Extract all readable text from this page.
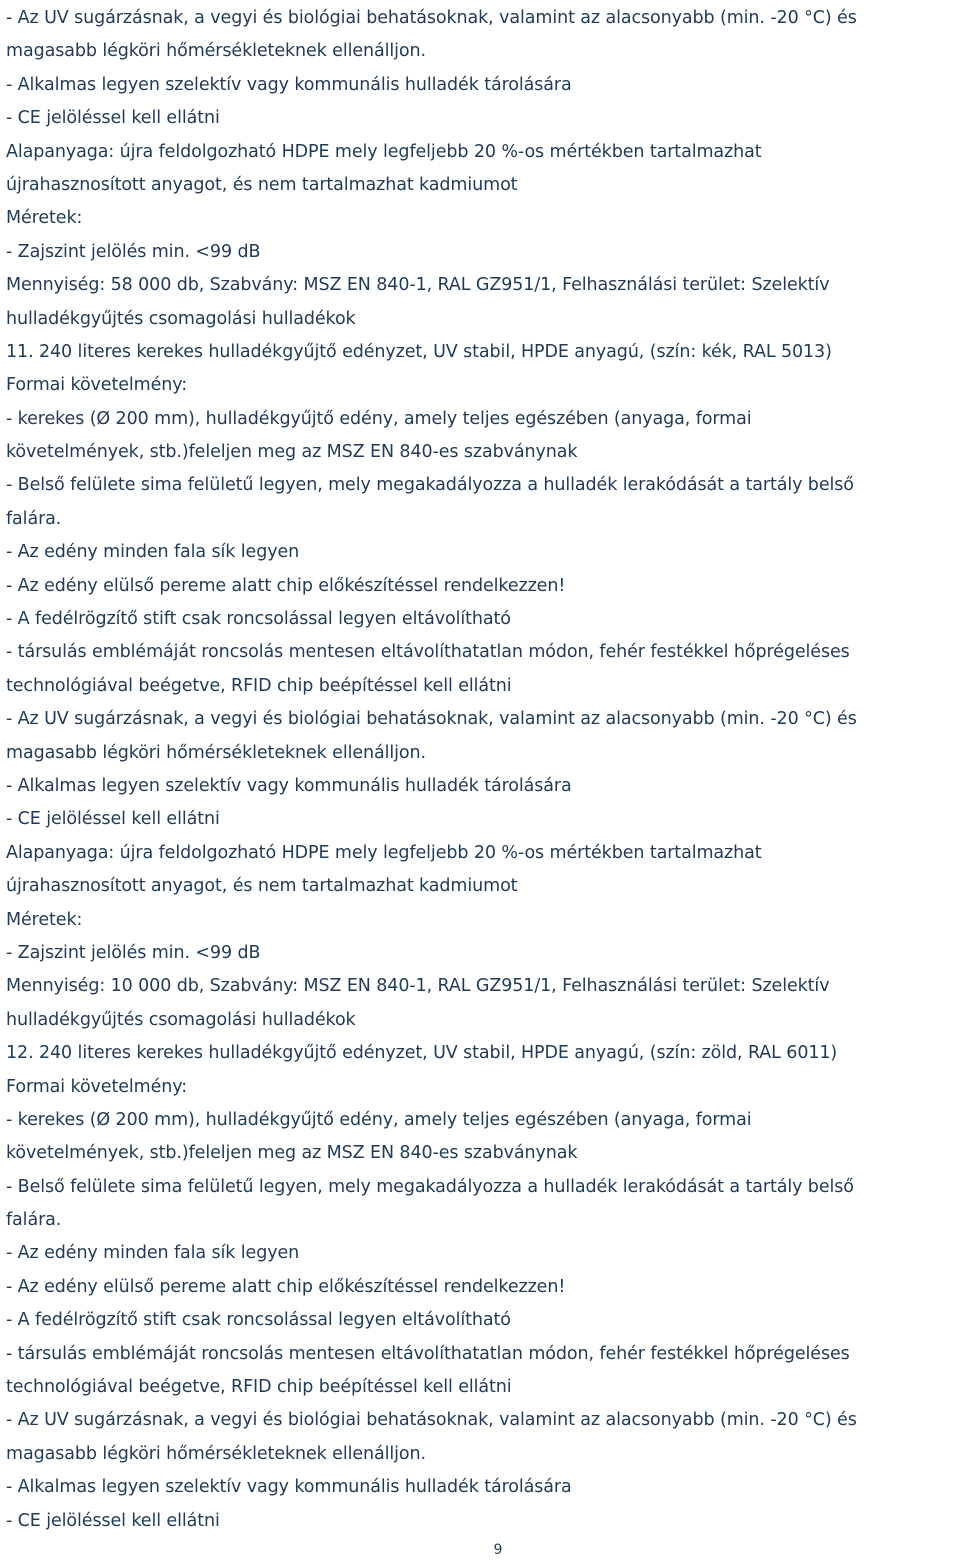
- Az UV sugárzásnak, a vegyi és biológiai behatásoknak, valamint az alacsonyabb (min. -20 °C) és
magasabb légköri hőmérsékleteknek ellenálljon.
- Alkalmas legyen szelektív vagy kommunális hulladék tárolására
- CE jelöléssel kell ellátni
Alapanyaga: újra feldolgozható HDPE mely legfeljebb 20 %-os mértékben tartalmazhat
újrahasznosított anyagot, és nem tartalmazhat kadmiumot
Méretek:
- Zajszint jelölés min. <99 dB
Mennyiség: 58 000 db, Szabvány: MSZ EN 840-1, RAL GZ951/1, Felhasználási terület: Szelektív
hulladékgyűjtés csomagolási hulladékok
11. 240 literes kerekes hulladékgyűjtő edényzet, UV stabil, HPDE anyagú, (szín: kék, RAL 5013)
Formai követelmény:
- kerekes (Ø 200 mm), hulladékgyűjtő edény, amely teljes egészében (anyaga, formai
követelmények, stb.)feleljen meg az MSZ EN 840-es szabványnak
- Belső felülete sima felületű legyen, mely megakadályozza a hulladék lerakódását a tartály belső
falára.
- Az edény minden fala sík legyen
- Az edény elülső pereme alatt chip előkészítéssel rendelkezzen!
- A fedélrögzítő stift csak roncsolással legyen eltávolítható
- társulás emblémáját roncsolás mentesen eltávolíthatatlan módon, fehér festékkel hőprégeléses
technológiával beégetve, RFID chip beépítéssel kell ellátni
- Az UV sugárzásnak, a vegyi és biológiai behatásoknak, valamint az alacsonyabb (min. -20 °C) és
magasabb légköri hőmérsékleteknek ellenálljon.
- Alkalmas legyen szelektív vagy kommunális hulladék tárolására
- CE jelöléssel kell ellátni
Alapanyaga: újra feldolgozható HDPE mely legfeljebb 20 %-os mértékben tartalmazhat
újrahasznosított anyagot, és nem tartalmazhat kadmiumot
Méretek:
- Zajszint jelölés min. <99 dB
Mennyiség: 10 000 db, Szabvány: MSZ EN 840-1, RAL GZ951/1, Felhasználási terület: Szelektív
hulladékgyűjtés csomagolási hulladékok
12. 240 literes kerekes hulladékgyűjtő edényzet, UV stabil, HPDE anyagú, (szín: zöld, RAL 6011)
Formai követelmény:
- kerekes (Ø 200 mm), hulladékgyűjtő edény, amely teljes egészében (anyaga, formai
követelmények, stb.)feleljen meg az MSZ EN 840-es szabványnak
- Belső felülete sima felületű legyen, mely megakadályozza a hulladék lerakódását a tartály belső
falára.
- Az edény minden fala sík legyen
- Az edény elülső pereme alatt chip előkészítéssel rendelkezzen!
- A fedélrögzítő stift csak roncsolással legyen eltávolítható
- társulás emblémáját roncsolás mentesen eltávolíthatatlan módon, fehér festékkel hőprégeléses
technológiával beégetve, RFID chip beépítéssel kell ellátni
- Az UV sugárzásnak, a vegyi és biológiai behatásoknak, valamint az alacsonyabb (min. -20 °C) és
magasabb légköri hőmérsékleteknek ellenálljon.
- Alkalmas legyen szelektív vagy kommunális hulladék tárolására
- CE jelöléssel kell ellátni
9
